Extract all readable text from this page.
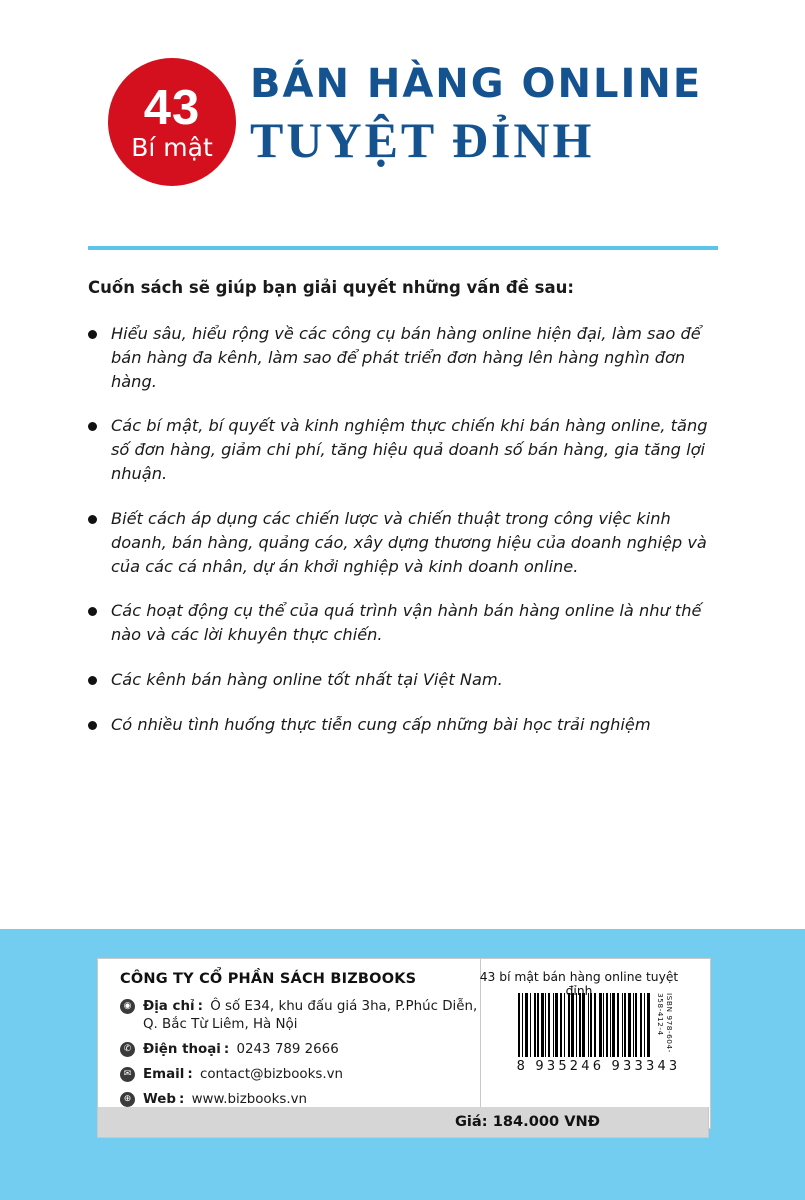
43
Bí mật
BÁN HÀNG ONLINE
TUYỆT ĐỈNH
Cuốn sách sẽ giúp bạn giải quyết những vấn đề sau:
Hiểu sâu, hiểu rộng về các công cụ bán hàng online hiện đại, làm sao để bán hàng đa kênh, làm sao để phát triển đơn hàng lên hàng nghìn đơn hàng.
Các bí mật, bí quyết và kinh nghiệm thực chiến khi bán hàng online, tăng số đơn hàng, giảm chi phí, tăng hiệu quả doanh số bán hàng, gia tăng lợi nhuận.
Biết cách áp dụng các chiến lược và chiến thuật trong công việc kinh doanh, bán hàng, quảng cáo, xây dựng thương hiệu của doanh nghiệp và của các cá nhân, dự án khởi nghiệp và kinh doanh online.
Các hoạt động cụ thể của quá trình vận hành bán hàng online là như thế nào và các lời khuyên thực chiến.
Các kênh bán hàng online tốt nhất tại Việt Nam.
Có nhiều tình huống thực tiễn cung cấp những bài học trải nghiệm
CÔNG TY CỔ PHẦN SÁCH BIZBOOKS
◉ Địa chỉ : Ô số E34, khu đấu giá 3ha, P.Phúc Diễn, Q. Bắc Từ Liêm, Hà Nội
✆ Điện thoại : 0243 789 2666
✉ Email : contact@bizbooks.vn
⊕ Web : www.bizbooks.vn
43 bí mật bán hàng online tuyệt đỉnh
ISBN 978-604-358-412-4
8 935246 933343
Giá: 184.000 VNĐ
